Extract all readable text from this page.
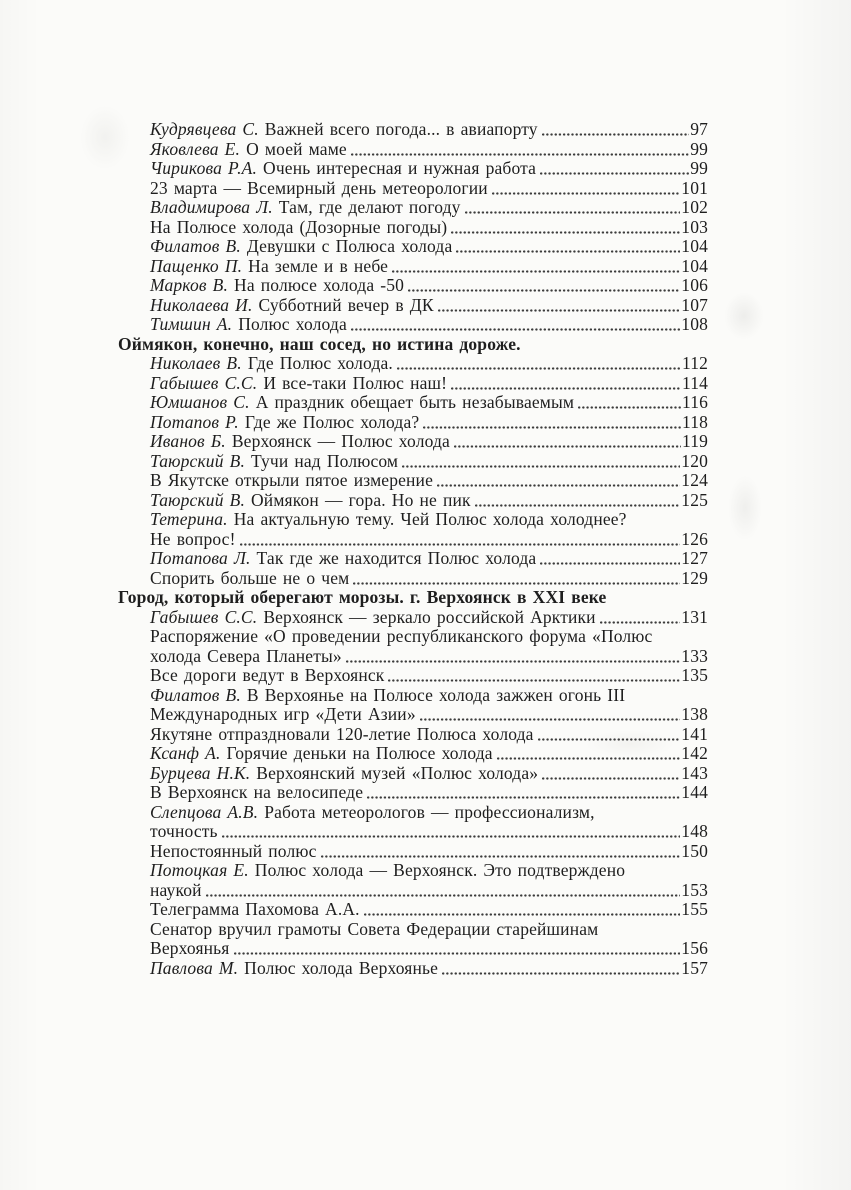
Кудрявцева С. Важней всего погода... в авиапорту	97
Яковлева Е. О моей маме	99
Чирикова Р.А. Очень интересная и нужная работа	99
23 марта — Всемирный день метеорологии	101
Владимирова Л. Там, где делают погоду	102
На Полюсе холода (Дозорные погоды)	103
Филатов В. Девушки с Полюса холода	104
Пащенко П. На земле и в небе	104
Марков В. На полюсе холода -50	106
Николаева И. Субботний вечер в ДК	107
Тимшин А. Полюс холода	108
Оймякон, конечно, наш сосед, но истина дороже.
Николаев В. Где Полюс холода.	112
Габышев С.С. И все-таки Полюс наш!	114
Юмшанов С. А праздник обещает быть незабываемым	116
Потапов Р. Где же Полюс холода?	118
Иванов Б. Верхоянск — Полюс холода	119
Таюрский В. Тучи над Полюсом	120
В Якутске открыли пятое измерение	124
Таюрский В. Оймякон — гора. Но не пик	125
Тетерина. На актуальную тему. Чей Полюс холода холоднее?
Не вопрос!	126
Потапова Л. Так где же находится Полюс холода	127
Спорить больше не о чем	129
Город, который оберегают морозы. г. Верхоянск в XXI веке
Габышев С.С. Верхоянск — зеркало российской Арктики	131
Распоряжение «О проведении республиканского форума «Полюс
холода Севера Планеты»	133
Все дороги ведут в Верхоянск	135
Филатов В. В Верхоянье на Полюсе холода зажжен огонь III
Международных игр «Дети Азии»	138
Якутяне отпраздновали 120-летие Полюса холода	141
Ксанф А. Горячие деньки на Полюсе холода	142
Бурцева Н.К. Верхоянский музей «Полюс холода»	143
В Верхоянск на велосипеде	144
Слепцова А.В. Работа метеорологов — профессионализм,
точность	148
Непостоянный полюс	150
Потоцкая Е. Полюс холода — Верхоянск. Это подтверждено
наукой	153
Телеграмма Пахомова А.А.	155
Сенатор вручил грамоты Совета Федерации старейшинам
Верхоянья	156
Павлова М. Полюс холода Верхоянье	157
